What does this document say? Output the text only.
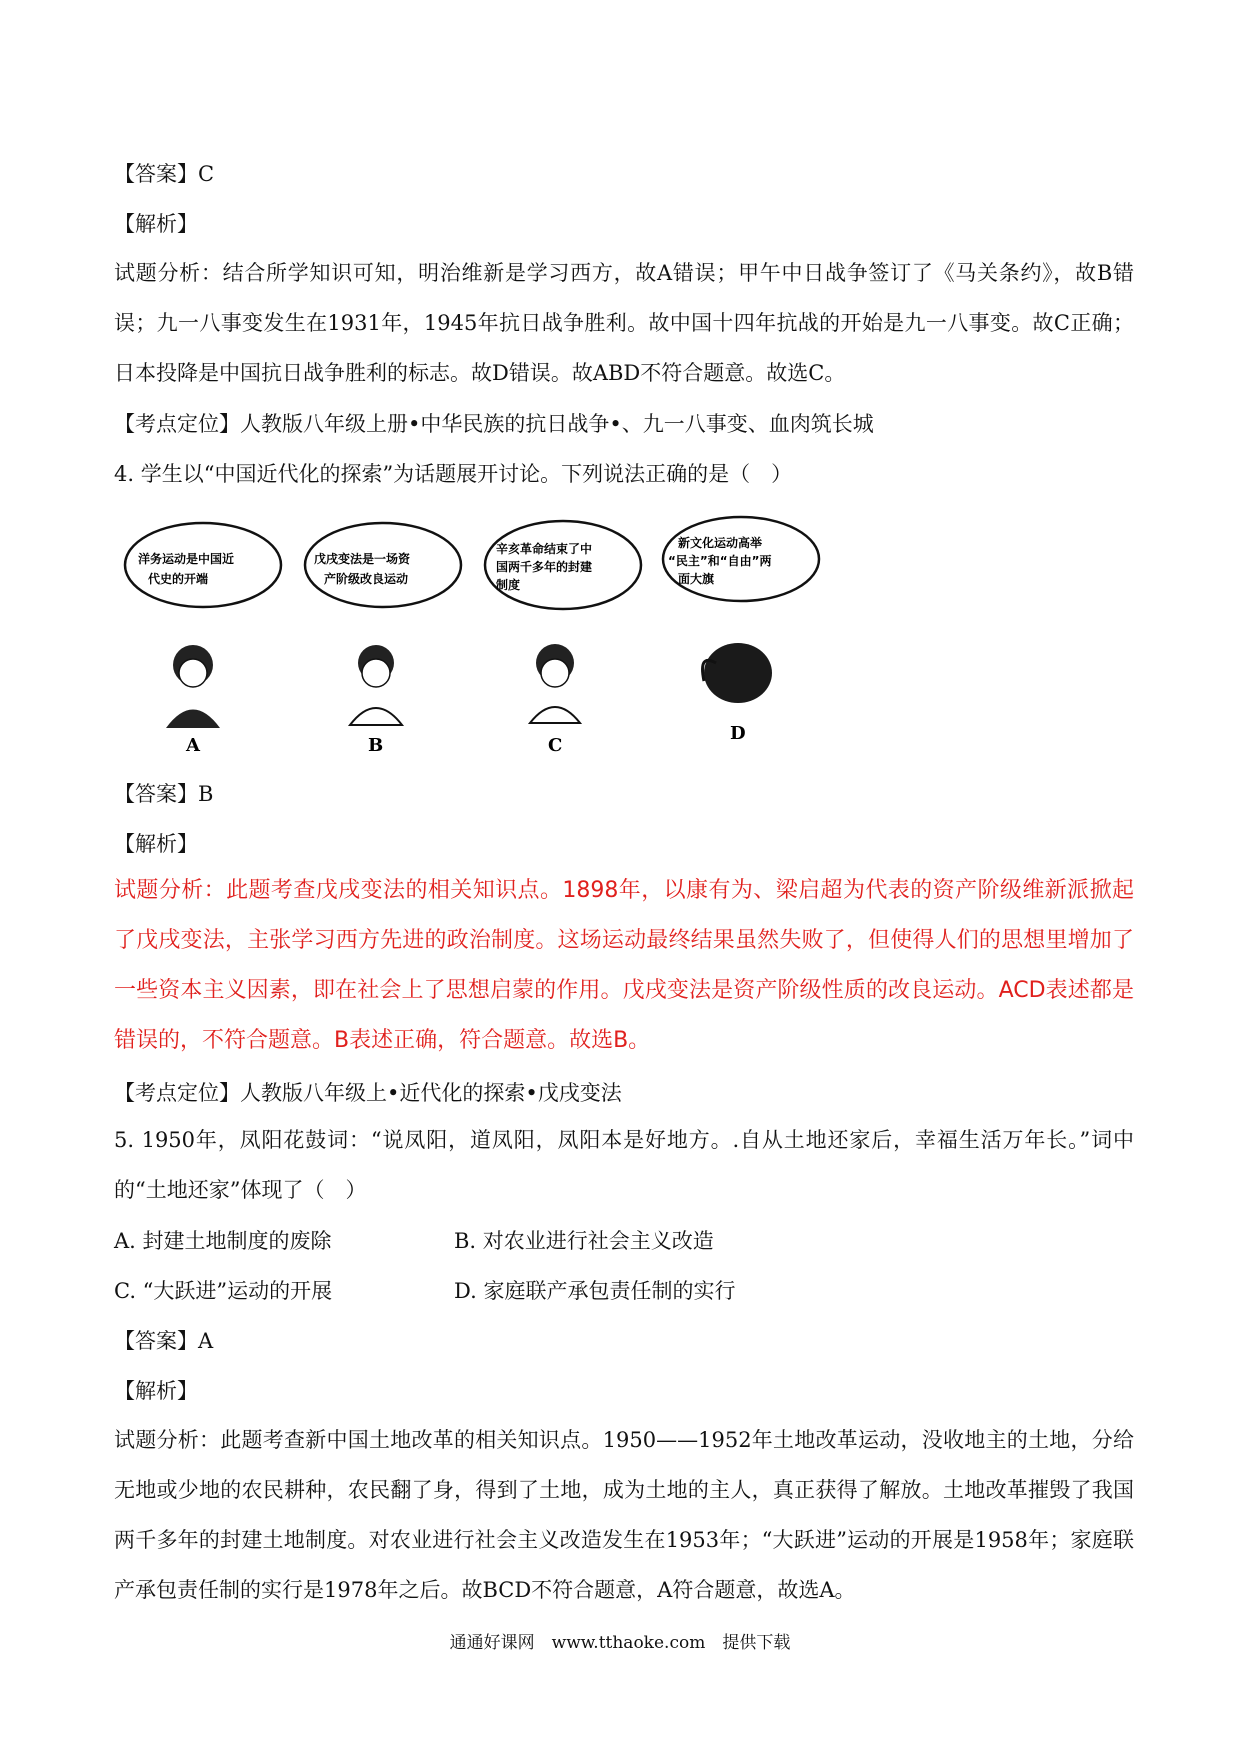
【答案】C
【解析】
试题分析：结合所学知识可知，明治维新是学习西方，故A错误；甲午中日战争签订了《马关条约》，故B错误；九一八事变发生在1931年，1945年抗日战争胜利。故中国十四年抗战的开始是九一八事变。故C正确；日本投降是中国抗日战争胜利的标志。故D错误。故ABD不符合题意。故选C。
【考点定位】人教版八年级上册•中华民族的抗日战争•、九一八事变、血肉筑长城
4. 学生以“中国近代化的探索”为话题展开讨论。下列说法正确的是（　）
洋务运动是中国近
代史的开端
A
戊戌变法是一场资
产阶级改良运动
B
辛亥革命结束了中
国两千多年的封建
制度
C
新文化运动高举
“民主”和“自由”两
面大旗
D
【答案】B
【解析】
试题分析：此题考查戊戌变法的相关知识点。1898年，以康有为、梁启超为代表的资产阶级维新派掀起了戊戌变法，主张学习西方先进的政治制度。这场运动最终结果虽然失败了，但使得人们的思想里增加了一些资本主义因素，即在社会上了思想启蒙的作用。戊戌变法是资产阶级性质的改良运动。ACD表述都是错误的，不符合题意。B表述正确，符合题意。故选B。
【考点定位】人教版八年级上•近代化的探索•戊戌变法
5. 1950年，凤阳花鼓词：“说凤阳，道凤阳，凤阳本是好地方。.自从土地还家后，幸福生活万年长。”词中的“土地还家”体现了（　）
A. 封建土地制度的废除	B. 对农业进行社会主义改造
C. “大跃进”运动的开展	D. 家庭联产承包责任制的实行
【答案】A
【解析】
试题分析：此题考查新中国土地改革的相关知识点。1950——1952年土地改革运动，没收地主的土地，分给无地或少地的农民耕种，农民翻了身，得到了土地，成为土地的主人，真正获得了解放。土地改革摧毁了我国两千多年的封建土地制度。对农业进行社会主义改造发生在1953年；“大跃进”运动的开展是1958年；家庭联产承包责任制的实行是1978年之后。故BCD不符合题意，A符合题意，故选A。
通通好课网　www.tthaoke.com　提供下载
